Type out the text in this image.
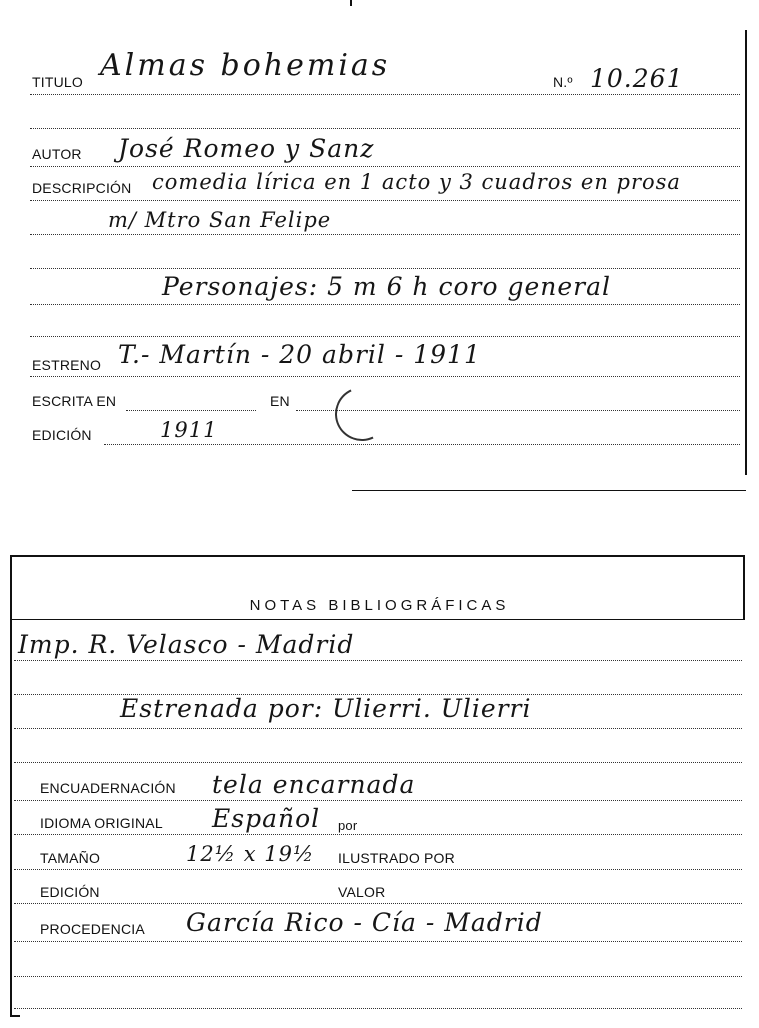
TITULO Almas bohemias	N.º 10.261
AUTOR José Romeo y Sanz
DESCRIPCIÓN comedia lírica en 1 acto y 3 cuadros en prosa
m/ Mtro San Felipe
Personajes: 5 m 6 h coro general
ESTRENO T.- Martín - 20 abril - 1911
ESCRITA EN	EN
EDICIÓN	1911
NOTAS BIBLIOGRÁFICAS
Imp. R. Velasco - Madrid
Estrenada por: Ulierri. Ulierri
ENCUADERNACIÓN tela encarnada
IDIOMA ORIGINAL Español por
TAMAÑO	12½ x 19½ ILUSTRADO POR
EDICIÓN	VALOR
PROCEDENCIA García Rico - Cía - Madrid
